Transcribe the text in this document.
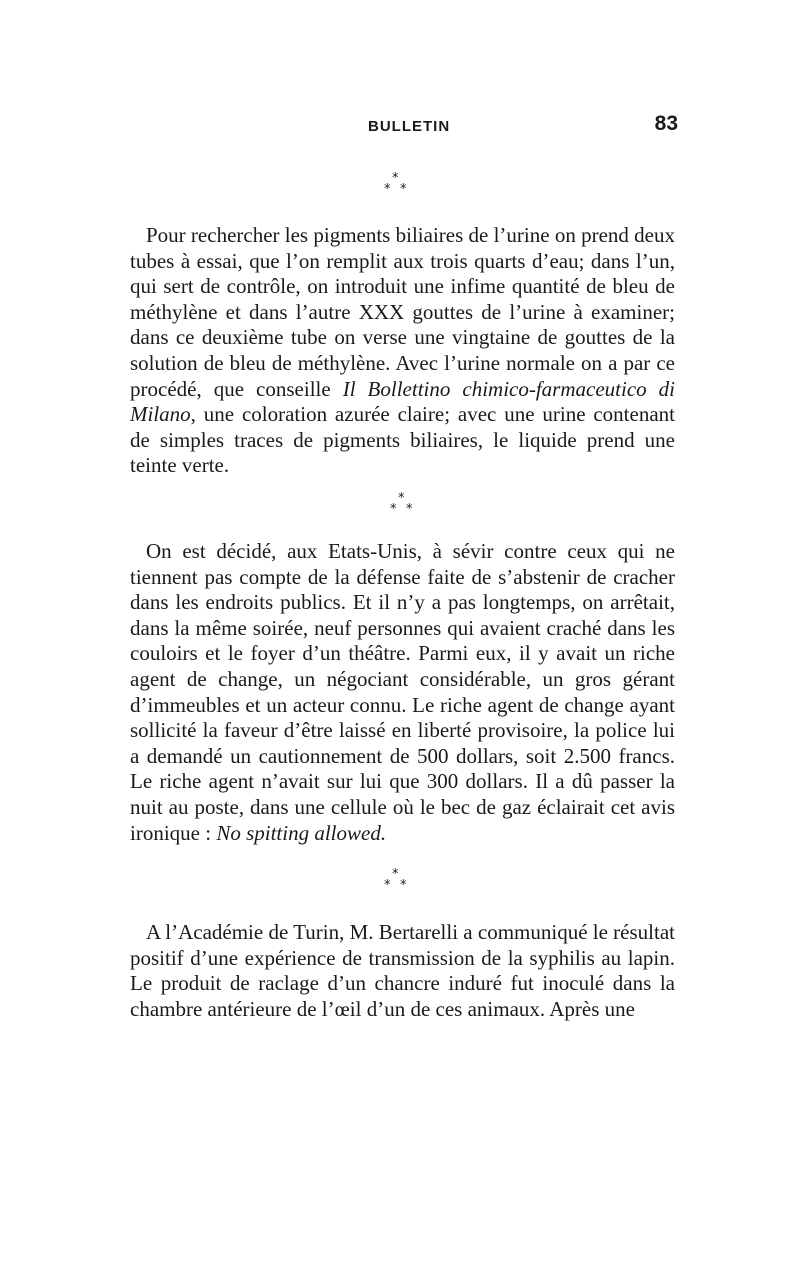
BULLETIN	83
*
* *

Pour rechercher les pigments biliaires de l’urine on prend deux tubes à essai, que l’on remplit aux trois quarts d’eau; dans l’un, qui sert de contrôle, on introduit une infime quantité de bleu de méthylène et dans l’autre XXX gouttes de l’urine à examiner; dans ce deuxième tube on verse une vingtaine de gouttes de la solution de bleu de méthylène. Avec l’urine normale on a par ce procédé, que conseille Il Bollettino chimico-farmaceutico di Milano, une coloration azurée claire; avec une urine contenant de simples traces de pigments biliaires, le liquide prend une teinte verte.

*
* *

On est décidé, aux Etats-Unis, à sévir contre ceux qui ne tiennent pas compte de la défense faite de s’abstenir de cracher dans les endroits publics. Et il n’y a pas longtemps, on arrêtait, dans la même soirée, neuf personnes qui avaient craché dans les couloirs et le foyer d’un théâtre. Parmi eux, il y avait un riche agent de change, un négociant considérable, un gros gérant d’immeubles et un acteur connu. Le riche agent de change ayant sollicité la faveur d’être laissé en liberté provisoire, la police lui a demandé un cautionnement de 500 dollars, soit 2.500 francs. Le riche agent n’avait sur lui que 300 dollars. Il a dû passer la nuit au poste, dans une cellule où le bec de gaz éclairait cet avis ironique : No spitting allowed.

*
* *

A l’Académie de Turin, M. Bertarelli a communiqué le résultat positif d’une expérience de transmission de la syphilis au lapin. Le produit de raclage d’un chancre induré fut inoculé dans la chambre antérieure de l’œil d’un de ces animaux. Après une
